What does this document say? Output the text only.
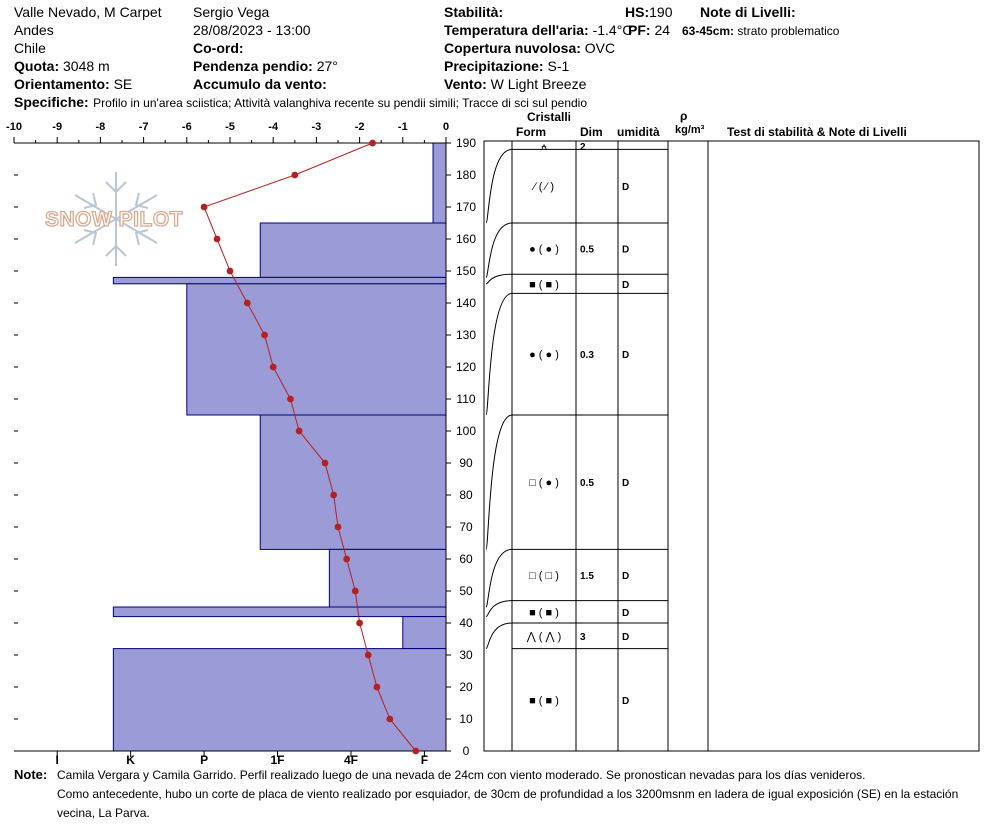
Valle Nevado, M Carpet
Andes
Chile
Quota: 3048 m
Orientamento: SE
Sergio Vega
28/08/2023 - 13:00
Co-ord:
Pendenza pendio: 27°
Accumulo da vento:
Stabilità:
Temperatura dell'aria: -1.4°C
Copertura nuvolosa: OVC
Precipitazione: S-1
Vento: W Light Breeze
HS:190
PF: 24
Note di Livelli:
63-45cm: strato problematico
Specifiche: Profilo in un'area sciistica; Attività valanghiva recente su pendii simili; Tracce di sci sul pendio
Cristalli
Form	Dim umidità
ρ
kg/m³ Test di stabilità & Note di Livelli
-10	-9	-8	-7	-6	-5	-4	-3	-2	-1	0
0
10
20
30
40
50
60
70
80
90
100
110
120
130
140
150
160
170
180
190
I	K	P	1F	4F	F
⍲	2
∕ ( ∕ )	D
● ( ● ) 0.5	D
■ ( ■ )	D
● ( ● ) 0.3	D
□ ( ● ) 0.5	D
□ ( □ ) 1.5	D
■ ( ■ )	D
⋀ ( ⋀ ) 3	D
■ ( ■ )	D
SNOW PILOT
Note: Camila Vergara y Camila Garrido. Perfil realizado luego de una nevada de 24cm con viento moderado. Se pronostican nevadas para los días venideros.
Como antecedente, hubo un corte de placa de viento realizado por esquiador, de 30cm de profundidad a los 3200msnm en ladera de igual exposición (SE) en la estación
vecina, La Parva.
